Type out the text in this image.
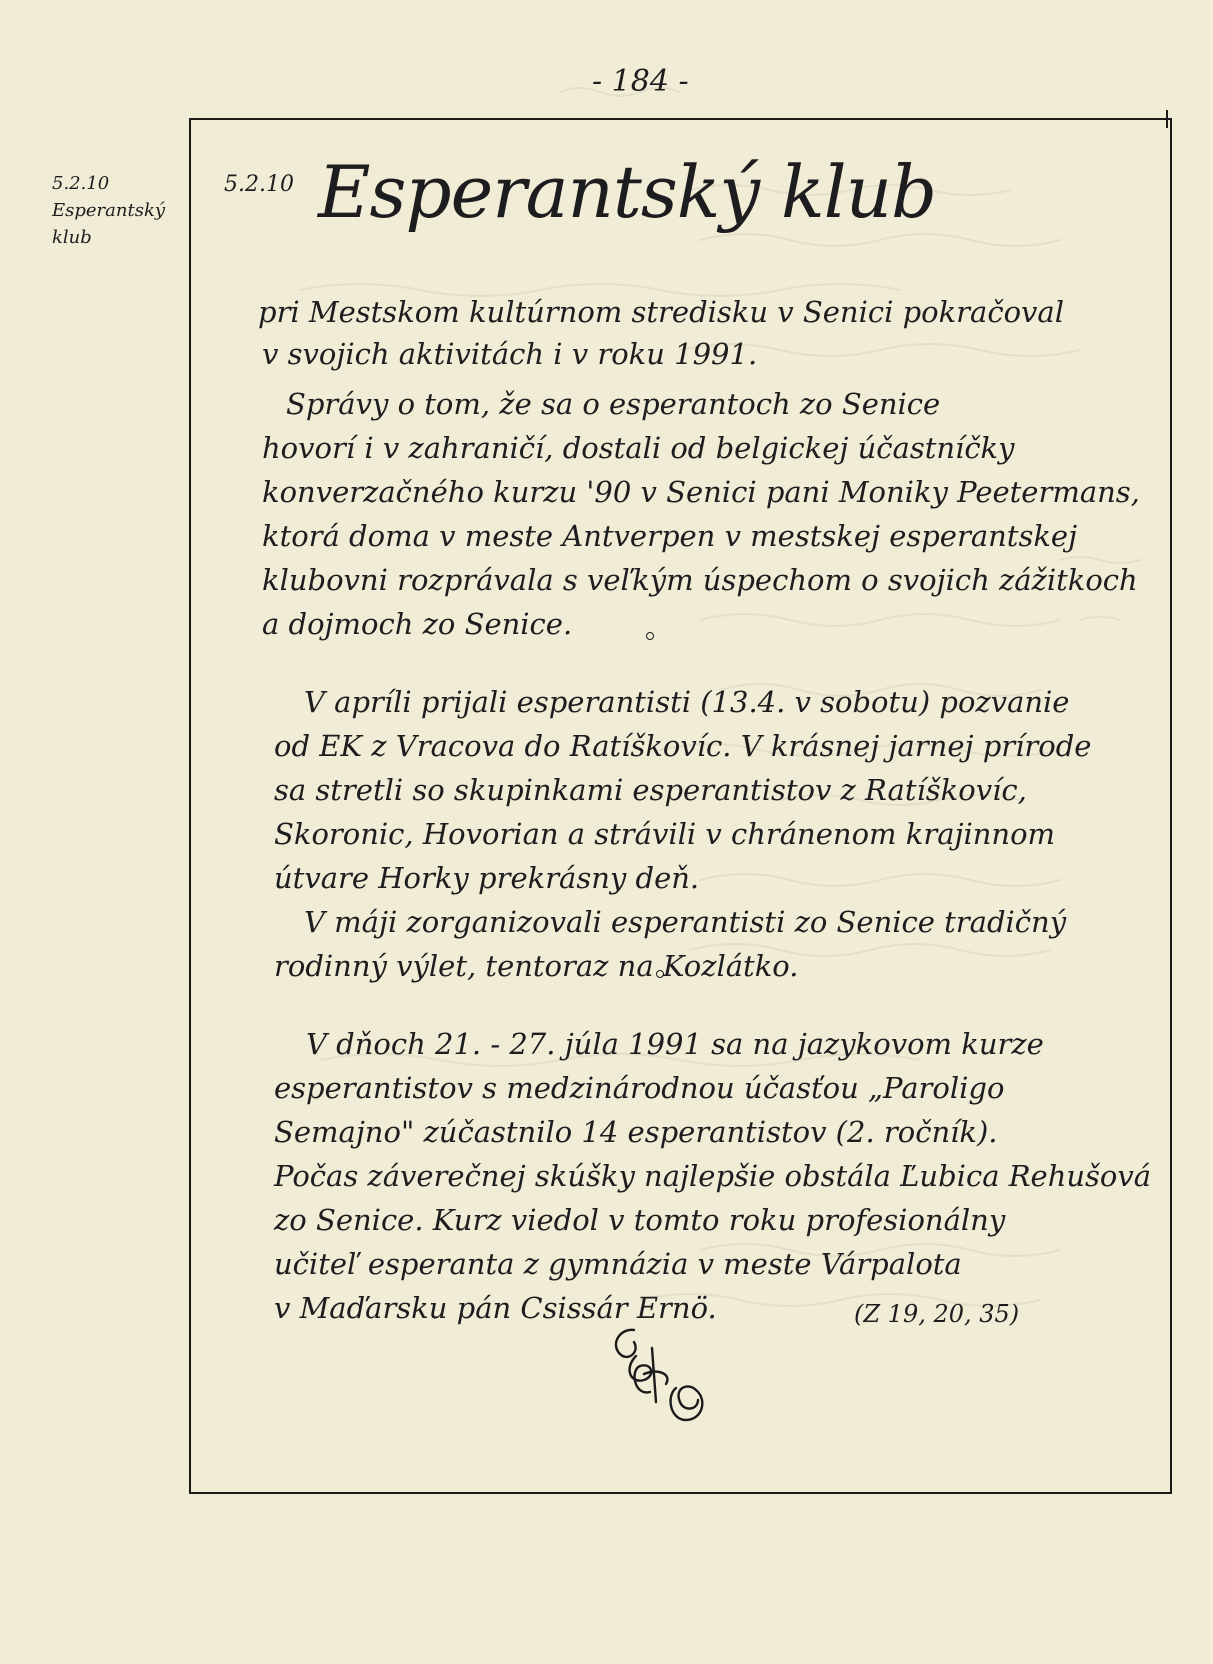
- 184 -
5.2.10
Esperantský
klub
5.2.10 Esperantský klub
pri Mestskom kultúrnom stredisku v Senici pokračoval
v svojich aktivitách i v roku 1991.
Správy o tom, že sa o esperantoch zo Senice
hovorí i v zahraničí, dostali od belgickej účastníčky
konverzačného kurzu '90 v Senici pani Moniky Peetermans,
ktorá doma v meste Antverpen v mestskej esperantskej
klubovni rozprávala s veľkým úspechom o svojich zážitkoch
a dojmoch zo Senice.
V apríli prijali esperantisti (13.4. v sobotu) pozvanie
od EK z Vracova do Ratíškovíc. V krásnej jarnej prírode
sa stretli so skupinkami esperantistov z Ratíškovíc,
Skoronic, Hovorian a strávili v chránenom krajinnom
útvare Horky prekrásny deň.
V máji zorganizovali esperantisti zo Senice tradičný
rodinný výlet, tentoraz na Kozlátko.
V dňoch 21. - 27. júla 1991 sa na jazykovom kurze
esperantistov s medzinárodnou účasťou „Paroligo
Semajno" zúčastnilo 14 esperantistov (2. ročník).
Počas záverečnej skúšky najlepšie obstála Ľubica Rehušová
zo Senice. Kurz viedol v tomto roku profesionálny
učiteľ esperanta z gymnázia v meste Várpalota
v Maďarsku pán Csissár Ernö.	(Z 19, 20, 35)
